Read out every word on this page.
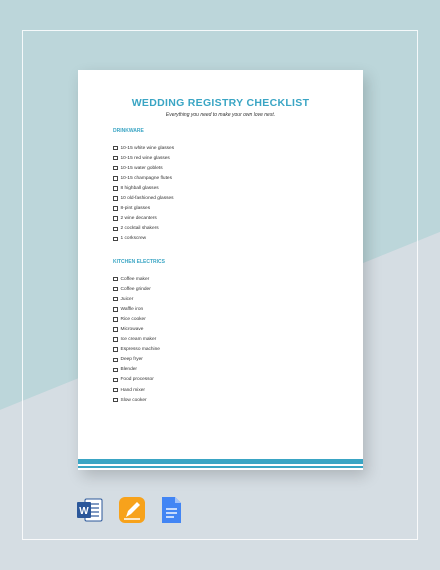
WEDDING REGISTRY CHECKLIST
Everything you need to make your own love nest.
DRINKWARE
10-15 white wine glasses
10-15 red wine glasses
10-15 water goblets
10-15 champagne flutes
8 highball glasses
10 old-fashioned glasses
8-pint glasses
2 wine decanters
2 cocktail shakers
1 corkscrew
KITCHEN ELECTRICS
Coffee maker
Coffee grinder
Juicer
Waffle iron
Rice cooker
Microwave
Ice cream maker
Espresso machine
Deep fryer
Blender
Food processor
Hand mixer
Slow cooker
W
